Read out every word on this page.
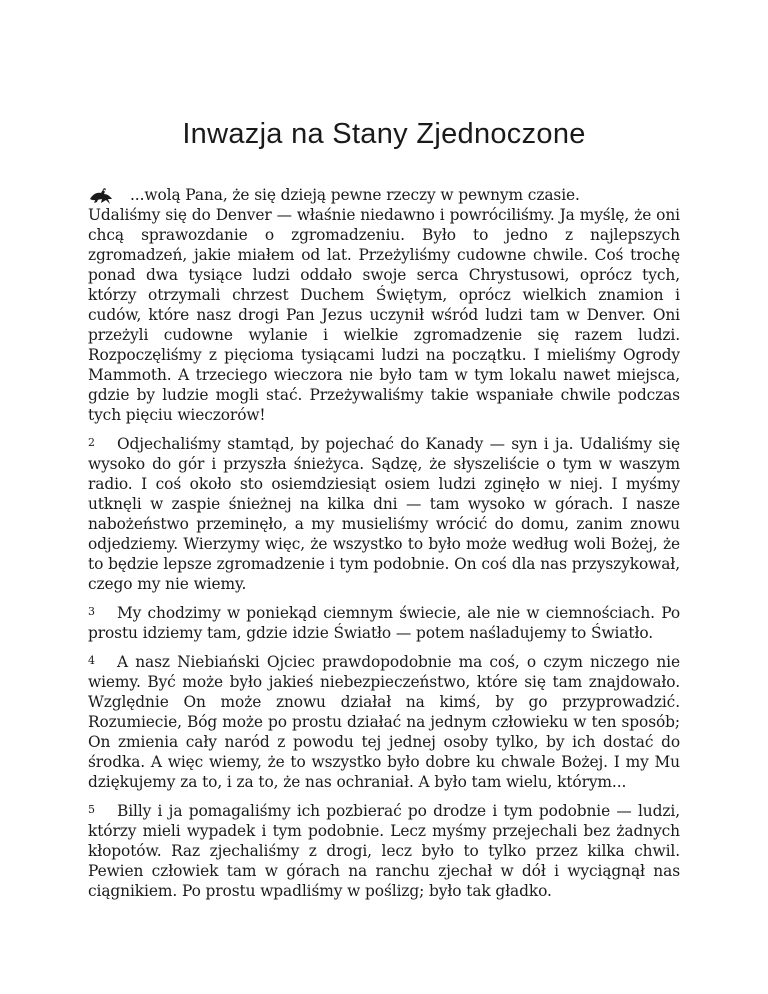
Inwazja na Stany Zjednoczone

...wolą Pana, że się dzieją pewne rzeczy w pewnym czasie.
Udaliśmy się do Denver — właśnie niedawno i powróciliśmy. Ja myślę, że oni chcą sprawozdanie o zgromadzeniu. Było to jedno z najlepszych zgromadzeń, jakie miałem od lat. Przeżyliśmy cudowne chwile. Coś trochę ponad dwa tysiące ludzi oddało swoje serca Chrystusowi, oprócz tych, którzy otrzymali chrzest Duchem Świętym, oprócz wielkich znamion i cudów, które nasz drogi Pan Jezus uczynił wśród ludzi tam w Denver. Oni przeżyli cudowne wylanie i wielkie zgromadzenie się razem ludzi. Rozpoczęliśmy z pięcioma tysiącami ludzi na początku. I mieliśmy Ogrody Mammoth. A trzeciego wieczora nie było tam w tym lokalu nawet miejsca, gdzie by ludzie mogli stać. Przeżywaliśmy takie wspaniałe chwile podczas tych pięciu wieczorów!

2 Odjechaliśmy stamtąd, by pojechać do Kanady — syn i ja. Udaliśmy się wysoko do gór i przyszła śnieżyca. Sądzę, że słyszeliście o tym w waszym radio. I coś około sto osiemdziesiąt osiem ludzi zginęło w niej. I myśmy utknęli w zaspie śnieżnej na kilka dni — tam wysoko w górach. I nasze nabożeństwo przeminęło, a my musieliśmy wrócić do domu, zanim znowu odjedziemy. Wierzymy więc, że wszystko to było może według woli Bożej, że to będzie lepsze zgromadzenie i tym podobnie. On coś dla nas przyszykował, czego my nie wiemy.

3 My chodzimy w poniekąd ciemnym świecie, ale nie w ciemnościach. Po prostu idziemy tam, gdzie idzie Światło — potem naśladujemy to Światło.

4 A nasz Niebiański Ojciec prawdopodobnie ma coś, o czym niczego nie wiemy. Być może było jakieś niebezpieczeństwo, które się tam znajdowało. Względnie On może znowu działał na kimś, by go przyprowadzić. Rozumiecie, Bóg może po prostu działać na jednym człowieku w ten sposób; On zmienia cały naród z powodu tej jednej osoby tylko, by ich dostać do środka. A więc wiemy, że to wszystko było dobre ku chwale Bożej. I my Mu dziękujemy za to, i za to, że nas ochraniał. A było tam wielu, którym...

5 Billy i ja pomagaliśmy ich pozbierać po drodze i tym podobnie — ludzi, którzy mieli wypadek i tym podobnie. Lecz myśmy przejechali bez żadnych kłopotów. Raz zjechaliśmy z drogi, lecz było to tylko przez kilka chwil. Pewien człowiek tam w górach na ranchu zjechał w dół i wyciągnął nas ciągnikiem. Po prostu wpadliśmy w poślizg; było tak gładko.
